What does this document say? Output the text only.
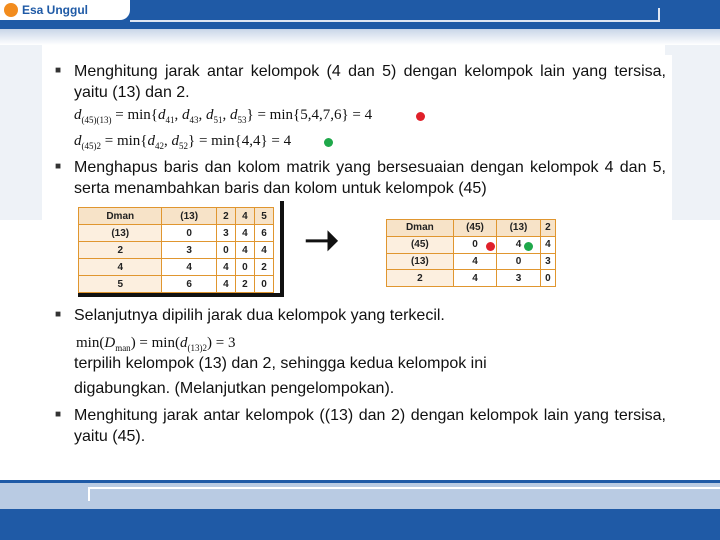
Esa Unggul
■ Menghitung jarak antar kelompok (4 dan 5) dengan kelompok lain yang tersisa, yaitu (13) dan 2.
$d_{(45)(13)} = \min\{d_{41}$, $d_{43}$, $d_{51}$, $d_{53}\} = \min\{5,4,7,6\} = 4$
$d_{(45)2} = \min\{d_{42}$, $d_{52}\} = \min\{4,4\} = 4$
■ Menghapus baris dan kolom matrik yang bersesuaian dengan kelompok 4 dan 5, serta menambahkan baris dan kolom untuk kelompok (45)
Dman	(13)	2	4	5
(13)	0	3	4	6
2	3	0	4	4
4	4	4	0	2
5	6	4	2	0
➝	Dman	(45)	(13)	2
(45)	0	4	4
(13)	4	0	3
2	4	3	0
■ Selanjutnya dipilih jarak dua kelompok yang terkecil.
$\min(D_{man}) = \min(d_{(13)2}) = 3$
terpilih kelompok (13) dan 2, sehingga kedua kelompok ini
digabungkan. (Melanjutkan pengelompokan).
■ Menghitung jarak antar kelompok ((13) dan 2) dengan kelompok lain yang tersisa, yaitu (45).
